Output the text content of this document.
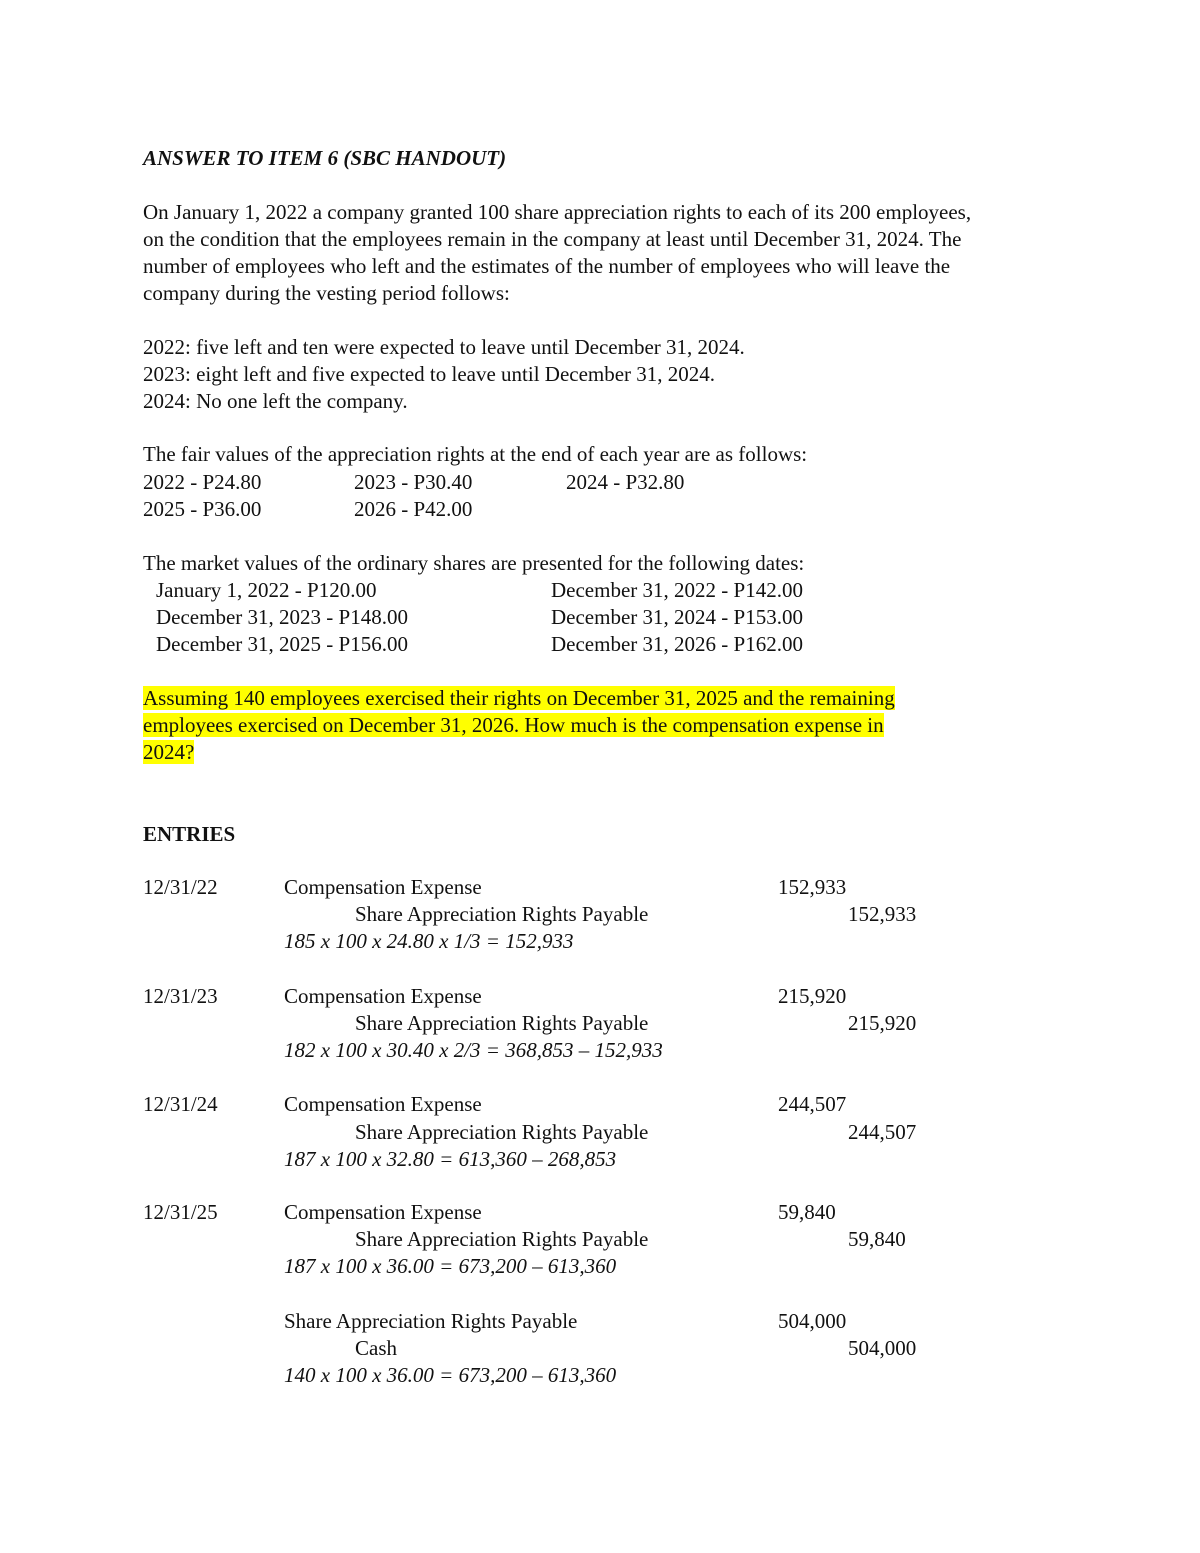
ANSWER TO ITEM 6 (SBC HANDOUT)
On January 1, 2022 a company granted 100 share appreciation rights to each of its 200 employees,
on the condition that the employees remain in the company at least until December 31, 2024. The
number of employees who left and the estimates of the number of employees who will leave the
company during the vesting period follows:
2022: five left and ten were expected to leave until December 31, 2024.
2023: eight left and five expected to leave until December 31, 2024.
2024: No one left the company.
The fair values of the appreciation rights at the end of each year are as follows:
2022 - P24.80	2023 - P30.40	2024 - P32.80
2025 - P36.00	2026 - P42.00
The market values of the ordinary shares are presented for the following dates:
January 1, 2022 - P120.00	December 31, 2022 - P142.00
December 31, 2023 - P148.00	December 31, 2024 - P153.00
December 31, 2025 - P156.00	December 31, 2026 - P162.00
Assuming 140 employees exercised their rights on December 31, 2025 and the remaining
employees exercised on December 31, 2026. How much is the compensation expense in
2024?
ENTRIES
12/31/22	Compensation Expense	152,933
Share Appreciation Rights Payable	152,933
185 x 100 x 24.80 x 1/3 = 152,933
12/31/23	Compensation Expense	215,920
Share Appreciation Rights Payable	215,920
182 x 100 x 30.40 x 2/3 = 368,853 – 152,933
12/31/24	Compensation Expense	244,507
Share Appreciation Rights Payable	244,507
187 x 100 x 32.80 = 613,360 – 268,853
12/31/25	Compensation Expense	59,840
Share Appreciation Rights Payable	59,840
187 x 100 x 36.00 = 673,200 – 613,360
Share Appreciation Rights Payable	504,000
Cash	504,000
140 x 100 x 36.00 = 673,200 – 613,360
